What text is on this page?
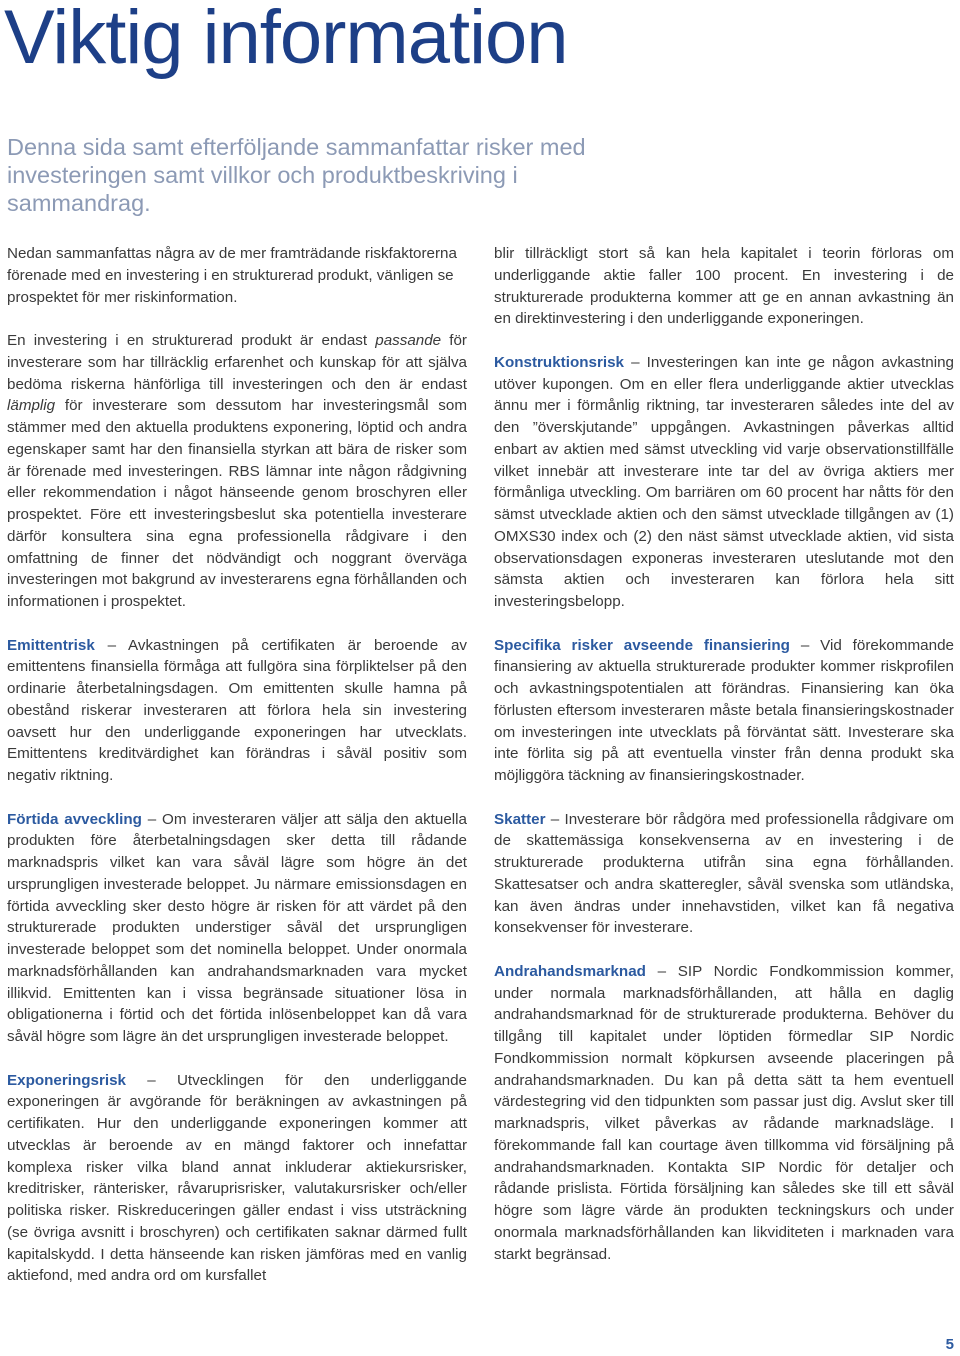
Viktig information

Denna sida samt efterföljande sammanfattar risker med investeringen samt villkor och produktbeskriving i sammandrag.

Nedan sammanfattas några av de mer framträdande riskfaktorerna förenade med en investering i en strukturerad produkt, vänligen se prospektet för mer riskinformation.

En investering i en strukturerad produkt är endast passande för investerare som har tillräcklig erfarenhet och kunskap för att själva bedöma riskerna hänförliga till investeringen och den är endast lämplig för investerare som dessutom har investeringsmål som stämmer med den aktuella produktens exponering, löptid och andra egenskaper samt har den finansiella styrkan att bära de risker som är förenade med investeringen. RBS lämnar inte någon rådgivning eller rekommendation i något hänseende genom broschyren eller prospektet. Före ett investeringsbeslut ska potentiella investerare därför konsultera sina egna professionella rådgivare i den omfattning de finner det nödvändigt och noggrant överväga investeringen mot bakgrund av investerarens egna förhållanden och informationen i prospektet.

Emittentrisk – Avkastningen på certifikaten är beroende av emittentens finansiella förmåga att fullgöra sina förpliktelser på den ordinarie återbetalningsdagen. Om emittenten skulle hamna på obestånd riskerar investeraren att förlora hela sin investering oavsett hur den underliggande exponeringen har utvecklats. Emittentens kreditvärdighet kan förändras i såväl positiv som negativ riktning.

Förtida avveckling – Om investeraren väljer att sälja den aktuella produkten före återbetalningsdagen sker detta till rådande marknadspris vilket kan vara såväl lägre som högre än det ursprungligen investerade beloppet. Ju närmare emissionsdagen en förtida avveckling sker desto högre är risken för att värdet på den strukturerade produkten understiger såväl det ursprungligen investerade beloppet som det nominella beloppet. Under onormala marknadsförhållanden kan andrahandsmarknaden vara mycket illikvid. Emittenten kan i vissa begränsade situationer lösa in obligationerna i förtid och det förtida inlösenbeloppet kan då vara såväl högre som lägre än det ursprungligen investerade beloppet.

Exponeringsrisk – Utvecklingen för den underliggande exponeringen är avgörande för beräkningen av avkastningen på certifikaten. Hur den underliggande exponeringen kommer att utvecklas är beroende av en mängd faktorer och innefattar komplexa risker vilka bland annat inkluderar aktiekursrisker, kreditrisker, ränterisker, råvaruprisrisker, valutakursrisker och/eller politiska risker. Riskreduceringen gäller endast i viss utsträckning (se övriga avsnitt i broschyren) och certifikaten saknar därmed fullt kapitalskydd. I detta hänseende kan risken jämföras med en vanlig aktiefond, med andra ord om kursfallet

blir tillräckligt stort så kan hela kapitalet i teorin förloras om underliggande aktie faller 100 procent. En investering i de strukturerade produkterna kommer att ge en annan avkastning än en direktinvestering i den underliggande exponeringen.

Konstruktionsrisk – Investeringen kan inte ge någon avkastning utöver kupongen. Om en eller flera underliggande aktier utvecklas ännu mer i förmånlig riktning, tar investeraren således inte del av den ”överskjutande” uppgången. Avkastningen påverkas alltid enbart av aktien med sämst utveckling vid varje observationstillfälle vilket innebär att investerare inte tar del av övriga aktiers mer förmånliga utveckling. Om barriären om 60 procent har nåtts för den sämst utvecklade aktien och den sämst utvecklade tillgången av (1) OMXS30 index och (2) den näst sämst utvecklade aktien, vid sista observationsdagen exponeras investeraren uteslutande mot den sämsta aktien och investeraren kan förlora hela sitt investeringsbelopp.

Specifika risker avseende finansiering – Vid förekommande finansiering av aktuella strukturerade produkter kommer riskprofilen och avkastningspotentialen att förändras. Finansiering kan öka förlusten eftersom investeraren måste betala finansieringskostnader om investeringen inte utvecklats på förväntat sätt. Investerare ska inte förlita sig på att eventuella vinster från denna produkt ska möjliggöra täckning av finansieringskostnader.

Skatter – Investerare bör rådgöra med professionella rådgivare om de skattemässiga konsekvenserna av en investering i de strukturerade produkterna utifrån sina egna förhållanden. Skattesatser och andra skatteregler, såväl svenska som utländska, kan även ändras under innehavstiden, vilket kan få negativa konsekvenser för investerare.

Andrahandsmarknad – SIP Nordic Fondkommission kommer, under normala marknadsförhållanden, att hålla en daglig andrahandsmarknad för de strukturerade produkterna. Behöver du tillgång till kapitalet under löptiden förmedlar SIP Nordic Fondkommission normalt köpkursen avseende placeringen på andrahandsmarknaden. Du kan på detta sätt ta hem eventuell värdestegring vid den tidpunkten som passar just dig. Avslut sker till marknadspris, vilket påverkas av rådande marknadsläge. I förekommande fall kan courtage även tillkomma vid försäljning på andrahandsmarknaden. Kontakta SIP Nordic för detaljer och rådande prislista. Förtida försäljning kan således ske till ett såväl högre som lägre värde än produkten teckningskurs och under onormala marknadsförhållanden kan likviditeten i marknaden vara starkt begränsad.

5
